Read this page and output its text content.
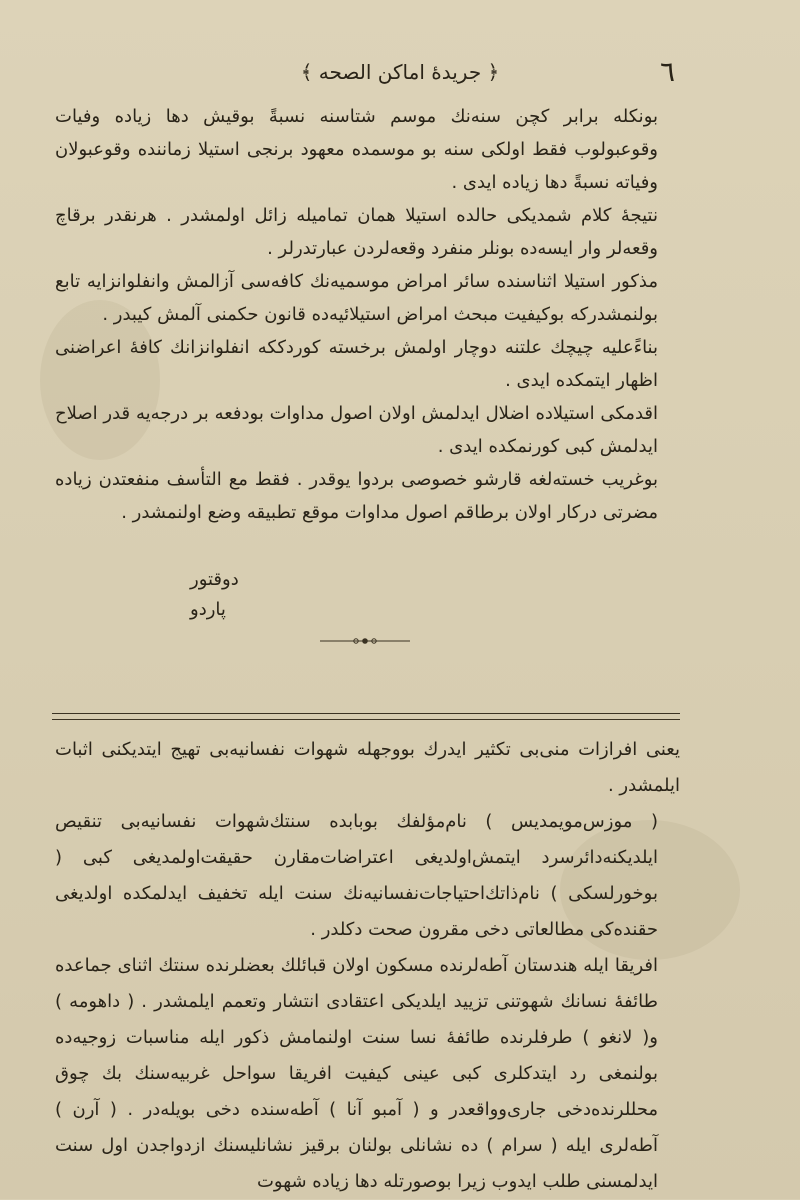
٦
﴿ جريدهٔ اماكن الصحه ﴾

بونكله برابر كچن سنه‌نك موسم شتاسنه نسبةً بوقيش دها زياده وفيات وقوعبولوب فقط اولكى سنه بو موسمده معهود برنجى استيلا زماننده وقوعبولان وفياته نسبةً دها زياده ايدى .

نتيجهٔ كلام شمديكى حالده استيلا همان تماميله زائل اولمشدر . هرنقدر برقاچ وقعه‌لر وار ايسه‌ده بونلر منفرد وقعه‌لردن عبارتدرلر .

مذكور استيلا اثناسنده سائر امراض موسميه‌نك كافه‌سى آزالمش وانفلوانزايه تابع بولنمشدركه بوكيفيت مبحث امراض استيلائيه‌ده قانون حكمنى آلمش كيبدر .

بناءًعليه چيچك علتنه دوچار اولمش برخسته كوردككه انفلوانزانك كافهٔ اعراضنى اظهار ايتمكده ايدى .

اقدمكى استيلاده اضلال ايدلمش اولان اصول مداوات بودفعه بر درجه‌يه قدر اصلاح ايدلمش كبى كورنمكده ايدى .

بوغريب خسته‌لغه قارشو خصوصى بردوا يوقدر . فقط مع التأسف منفعتدن زياده مضرتى دركار اولان برطاقم اصول مداوات موقع تطبيقه وضع اولنمشدر .

دوقتور
پاردو

يعنى افرازات منى‌بى تكثير ايدرك بووجهله شهوات نفسانيه‌بى تهيج ايتديكنى اثبات ايلمشدر .

( موزس‌مويمديس ) نام‌مؤلفك بوبابده سنتك‌شهوات نفسانيه‌بى تنقيص ايلديكنه‌دائرسرد ايتمش‌اولديغى اعتراضات‌مقارن حقيقت‌اولمديغى كبى ( بوخورلسكى ) نام‌ذاتك‌احتياجات‌نفسانيه‌نك سنت ايله تخفيف ايدلمكده اولديغى حقنده‌كى مطالعاتى دخى مقرون صحت دكلدر .

افريقا ايله هندستان آطه‌لرنده مسكون اولان قبائلك بعضلرنده سنتك اثناى جماعده طائفهٔ نسانك شهوتنى تزييد ايلديكى اعتقادى انتشار وتعمم ايلمشدر . ( داهومه ) و( لانغو ) طرفلرنده طائفهٔ نسا سنت اولنمامش ذكور ايله مناسبات زوجيه‌ده بولنمغى رد ايتدكلرى كبى عينى كيفيت افريقا سواحل غربيه‌سنك بك چوق محللرنده‌دخى جارى‌وواقعدر و ( آمبو آنا ) آطه‌سنده دخى بويله‌در . ( آرن ) آطه‌لرى ايله ( سرام ) ده نشانلى بولنان برقيز نشانليسنك ازدواجدن اول سنت ايدلمسنى طلب ايدوب زيرا بوصورتله دها زياده شهوت
